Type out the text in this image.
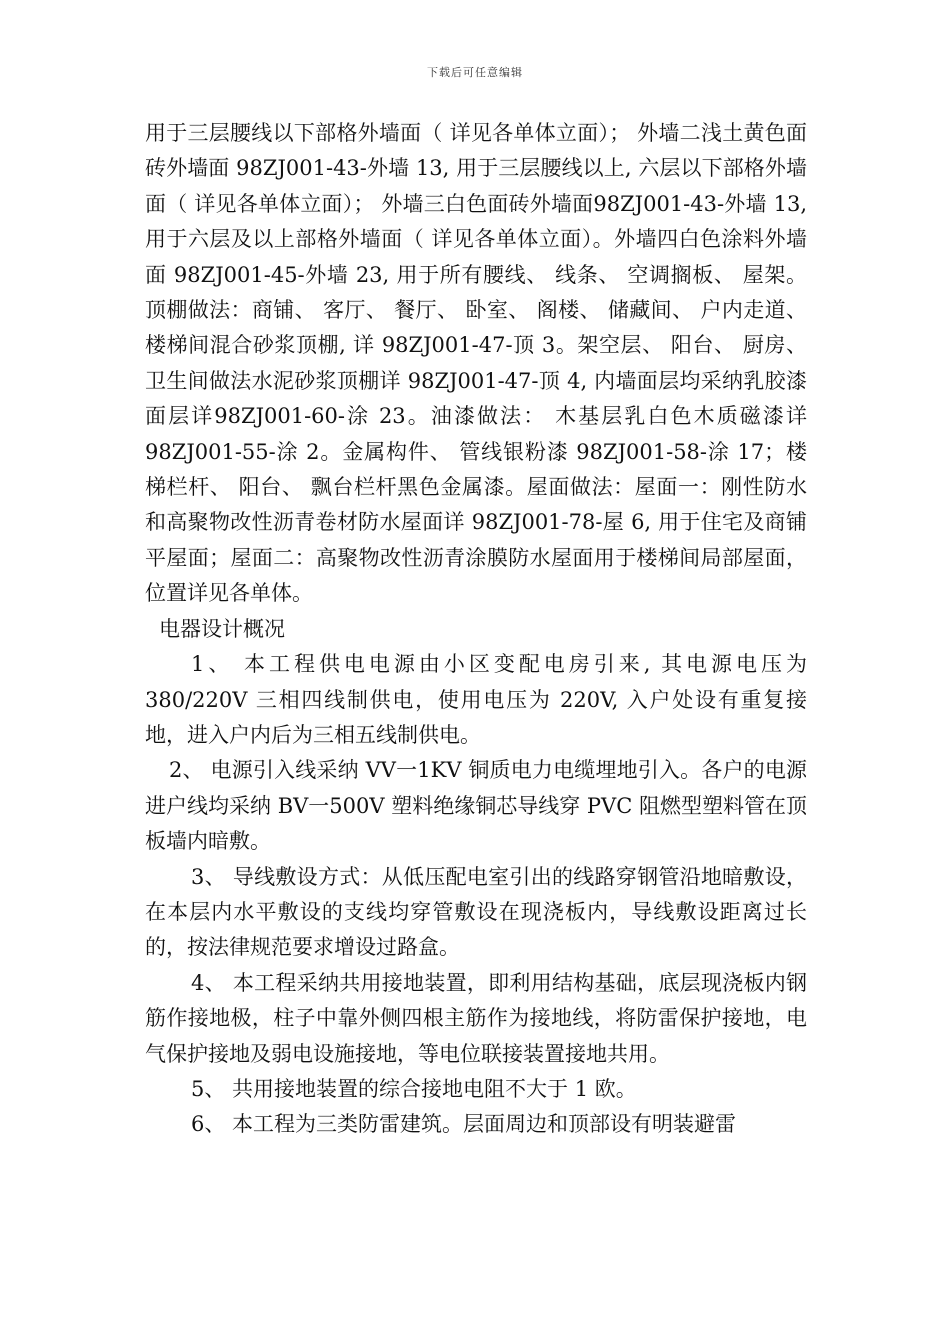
下载后可任意编辑

用于三层腰线以下部格外墙面（ 详见各单体立面）； 外墙二浅土黄色面砖外墙面 98ZJ001-43-外墙 13, 用于三层腰线以上, 六层以下部格外墙面（ 详见各单体立面）； 外墙三白色面砖外墙面98ZJ001-43-外墙 13, 用于六层及以上部格外墙面（ 详见各单体立面）。外墙四白色涂料外墙面 98ZJ001-45-外墙 23, 用于所有腰线、 线条、 空调搁板、 屋架。顶棚做法：商铺、 客厅、 餐厅、 卧室、 阁楼、 储藏间、 户内走道、 楼梯间混合砂浆顶棚, 详 98ZJ001-47-顶 3。架空层、 阳台、 厨房、 卫生间做法水泥砂浆顶棚详 98ZJ001-47-顶 4, 内墙面层均采纳乳胶漆面层详98ZJ001-60-涂 23。油漆做法： 木基层乳白色木质磁漆详98ZJ001-55-涂 2。金属构件、 管线银粉漆 98ZJ001-58-涂 17；楼梯栏杆、 阳台、 飘台栏杆黑色金属漆。屋面做法：屋面一：刚性防水和高聚物改性沥青卷材防水屋面详 98ZJ001-78-屋 6, 用于住宅及商铺平屋面；屋面二：高聚物改性沥青涂膜防水屋面用于楼梯间局部屋面，位置详见各单体。

电器设计概况

1、 本工程供电电源由小区变配电房引来, 其电源电压为380/220V 三相四线制供电，使用电压为 220V, 入户处设有重复接地，进入户内后为三相五线制供电。

2、 电源引入线采纳 VV一1KV 铜质电力电缆埋地引入。各户的电源进户线均采纳 BV一500V 塑料绝缘铜芯导线穿 PVC 阻燃型塑料管在顶板墙内暗敷。

3、 导线敷设方式：从低压配电室引出的线路穿钢管沿地暗敷设，在本层内水平敷设的支线均穿管敷设在现浇板内，导线敷设距离过长的，按法律规范要求增设过路盒。

4、 本工程采纳共用接地装置，即利用结构基础，底层现浇板内钢筋作接地极，柱子中靠外侧四根主筋作为接地线，将防雷保护接地，电气保护接地及弱电设施接地，等电位联接装置接地共用。

5、 共用接地装置的综合接地电阻不大于 1 欧。

6、 本工程为三类防雷建筑。层面周边和顶部设有明装避雷
